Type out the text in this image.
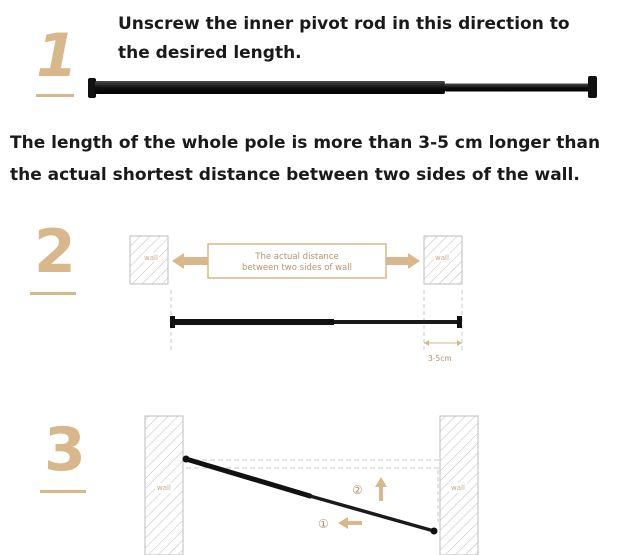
1 Unscrew the inner pivot rod in this direction to the desired length.
The length of the whole pole is more than 3-5 cm longer than the actual shortest distance between two sides of the wall.
2
3
wall	wall
The actual distance
between two sides of wall
3-5cm
wall	wall
②
①
